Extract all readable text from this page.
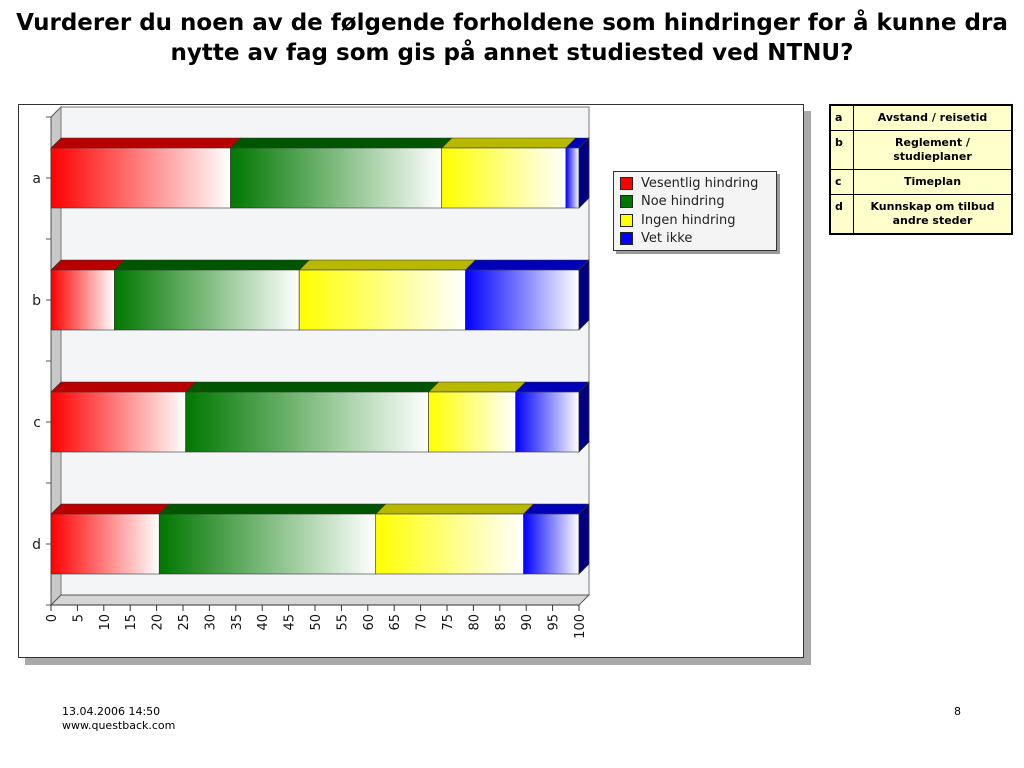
Vurderer du noen av de følgende forholdene som hindringer for å kunne dra nytte av fag som gis på annet studiested ved NTNU?
a
b
c
d
0 5 10 15 20 25 30 35 40 45 50 55 60 65 70 75 80 85 90 95 100
Vesentlig hindring
Noe hindring
Ingen hindring
Vet ikke
a	Avstand / reisetid
b	Reglement / studieplaner
c	Timeplan
d	Kunnskap om tilbud andre steder

13.04.2006 14:50

www.questback.com

8
